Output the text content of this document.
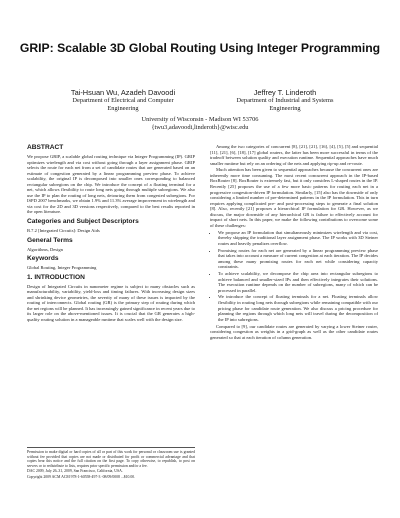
GRIP: Scalable 3D Global Routing Using Integer Programming
Tai-Hsuan Wu, Azadeh Davoodi
Department of Electrical and Computer
Engineering
Jeffrey T. Linderoth
Department of Industrial and Systems
Engineering
University of Wisconsin - Madison WI 53706
{twu3,adavoodi,linderoth}@wisc.edu
ABSTRACT

We propose GRIP, a scalable global routing technique via Integer Programming (IP). GRIP optimizes wirelength and via cost without going through a layer assignment phase. GRIP selects the route for each net from a set of candidate routes that are generated based on an estimate of congestion generated by a linear programming preview phase. To achieve scalability, the original IP is decomposed into smaller ones corresponding to balanced rectangular subregions on the chip. We introduce the concept of a floating terminal for a net, which allows flexibility to route long nets going through multiple subregions. We also use the IP to plan the routing of long nets, detouring them from congested subregions. For ISPD 2007 benchmarks, we obtain 1.9% and 11.3% average improvement in wirelength and via cost for the 2D and 3D versions respectively, compared to the best results reported in the open literature.

Categories and Subject Descriptors

B.7.2 [Integrated Circuits]: Design Aids

General Terms

Algorithms, Design

Keywords

Global Routing, Integer Programming

1. INTRODUCTION

Design of Integrated Circuits in nanometer regime is subject to many obstacles such as manufacturability, variability, yield-loss and timing failures. With increasing design sizes and shrinking device geometries, the severity of many of these issues is impacted by the routing of interconnects. Global routing (GR) is the primary step of routing during which the net regions will be planned. It has increasingly gained significance in recent years due to its larger role on the above-mentioned issues. It is crucial that the GR generates a high-quality routing solution in a manageable runtime that scales well with the design size.

Permission to make digital or hard copies of all or part of this work for personal or classroom use is granted without fee provided that copies are not made or distributed for profit or commercial advantage and that copies bear this notice and the full citation on the first page. To copy otherwise, to republish, to post on servers or to redistribute to lists, requires prior specific permission and/or a fee.

DAC 2009, July 26–31, 2009, San Francisco, California, USA.

Copyright 2009 ACM ACM 978-1-60558-497-3 -08/09/0008 ...$10.00.

Among the two categories of concurrent [8], [21], [21], [16], [4], [5], [5] and sequential [11], [21], [6], [18], [17] global routers, the latter has been more successful in terms of the tradeoff between solution quality and execution runtime. Sequential approaches have much smaller runtime but rely on an ordering of the nets and applying rip-up and re-route.

Much attention has been given to sequential approaches because the concurrent ones are inherently more time consuming. The most recent concurrent approach in the IP-based BoxRouter [8]. BoxRouter is extremely fast, but it only considers L-shaped routes in the IP. Recently [25] proposes the use of a few more basic patterns for routing each net in a progressive congestion-driven IP formulation. Similarly, [15] also has the downside of only considering a limited number of pre-determined patterns in the IP formulation. This in turn requires applying complicated pre- and post-processing steps to generate a final solution [8]. Also, recently [21] proposes a hierarchical IP formulation for GR. However, as we discuss, the major downside of any hierarchical GR is failure to effectively account for impact of short nets. In this paper, we make the following contributions to overcome some of these challenges:

• We propose an IP formulation that simultaneously minimizes wirelength and via cost, thereby skipping the traditional layer assignment phase. The IP works with 3D Steiner routes and heavily penalizes overflow.
• Promising routes for each net are generated by a linear programming preview phase that takes into account a measure of current congestion at each iteration. The IP decides among these many promising routes for each net while considering capacity constraints.
• To achieve scalability, we decompose the chip area into rectangular subregions to achieve balanced and smaller-sized IPs and then effectively integrates their solutions. The execution runtime depends on the number of subregions, many of which can be processed in parallel.
• We introduce the concept of floating terminals for a net. Floating terminals allow flexibility in routing long nets through subregions while remaining compatible with our pricing phase for candidate route generation. We also discuss a pricing procedure for planning the regions through which long nets will travel during the decomposition of the IP into subregions.

Compared to [9], our candidate routes are generated by varying a lower Steiner router, considering congestion as weights in a grid-graph as well as the other candidate routes generated so that at each iteration of column generation.
